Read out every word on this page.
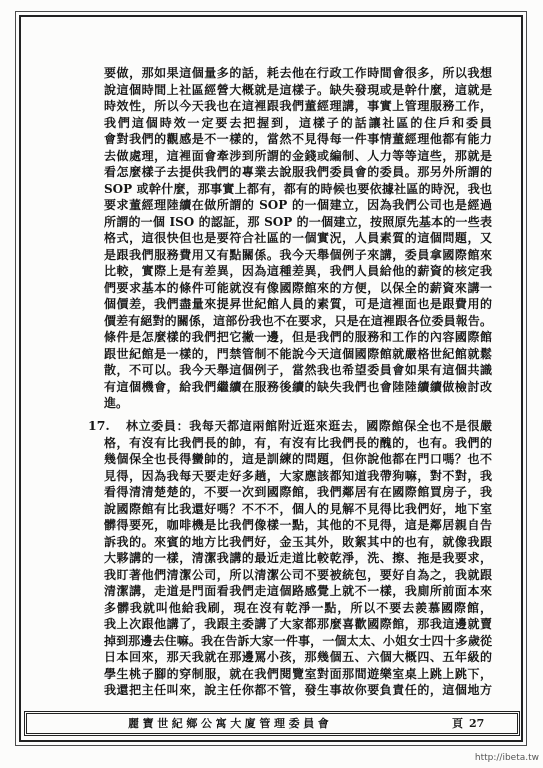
要做，那如果這個量多的話，耗去他在行政工作時間會很多，所以我想
說這個時間上社區經營大概就是這樣子。缺失發現或是幹什麼，這就是
時效性，所以今天我也在這裡跟我們董經理講，事實上管理服務工作，
我們這個時效一定要去把握到，這樣子的話讓社區的住戶和委員
會對我們的觀感是不一樣的，當然不見得每一件事情董經理他都有能力
去做處理，這裡面會牽涉到所謂的金錢或編制、人力等等這些，那就是
看怎麼樣子去提供我們的專業去說服我們委員會的委員。那另外所謂的
SOP 或幹什麼，那事實上都有，都有的時候也要依據社區的時況，我也
要求董經理陸續在做所謂的 SOP 的一個建立，因為我們公司也是經過
所謂的一個 ISO 的認証，那 SOP 的一個建立，按照原先基本的一些表
格式，這很快但也是要符合社區的一個實況，人員素質的這個問題，又
是跟我們服務費用又有點關係。我今天舉個例子來講，委員拿國際館來
比較，實際上是有差異，因為這種差異，我們人員給他的薪資的核定我
們要求基本的條件可能就沒有像國際館來的方便，以保全的薪資來講一
個價差，我們盡量來提昇世紀館人員的素質，可是這裡面也是跟費用的
價差有絕對的關係，這部份我也不在要求，只是在這裡跟各位委員報告。
條件是怎麼樣的我們把它撇一邊，但是我們的服務和工作的內容國際館
跟世紀館是一樣的，門禁管制不能說今天這個國際館就嚴格世紀館就鬆
散，不可以。我今天舉這個例子，當然我也希望委員會如果有這個共識
有這個機會，給我們繼續在服務後續的缺失我們也會陸陸續續做檢討改
進。
17. 林立委員：我每天都這兩館附近逛來逛去，國際館保全也不是很嚴
格，有沒有比我們長的帥，有，有沒有比我們長的醜的，也有。我們的
幾個保全也長得蠻帥的，這是訓練的問題，但你說他都在門口嗎？也不
見得，因為我每天要走好多趟，大家應該都知道我帶狗嘛，對不對，我
看得清清楚楚的，不要一次到國際館，我們鄰居有在國際館買房子，我
說國際館有比我還好嗎？不不不，個人的見解不見得比我們好，地下室
髒得要死，咖啡機是比我們像樣一點，其他的不見得，這是鄰居親自告
訴我的。來賓的地方比我們好，金玉其外，敗絮其中的也有，就像我跟
大夥講的一樣，清潔我講的最近走道比較乾淨，洗、擦、拖是我要求，
我盯著他們清潔公司，所以清潔公司不要被統包，要好自為之，我就跟
清潔講，走道是門面看我們走這個路感覺上就不一樣，我廁所前面本來
多髒我就叫他給我刷，現在沒有乾淨一點，所以不要去羨慕國際館，
我上次跟他講了，我跟主委講了大家都那麼喜歡國際館，那我這邊就賣
掉到那邊去住嘛。我在告訴大家一件事，一個太太、小姐女士四十多歲從
日本回來，那天我就在那邊罵小孩，那幾個五、六個大概四、五年級的
學生桃子腳的穿制服，就在我們閱覽室對面那間遊樂室桌上跳上跳下，
我還把主任叫來，說主任你都不管，發生事故你要負責任的，這個地方
麗寶世紀鄉公寓大廈管理委員會	頁 27
http://ibeta.tw
